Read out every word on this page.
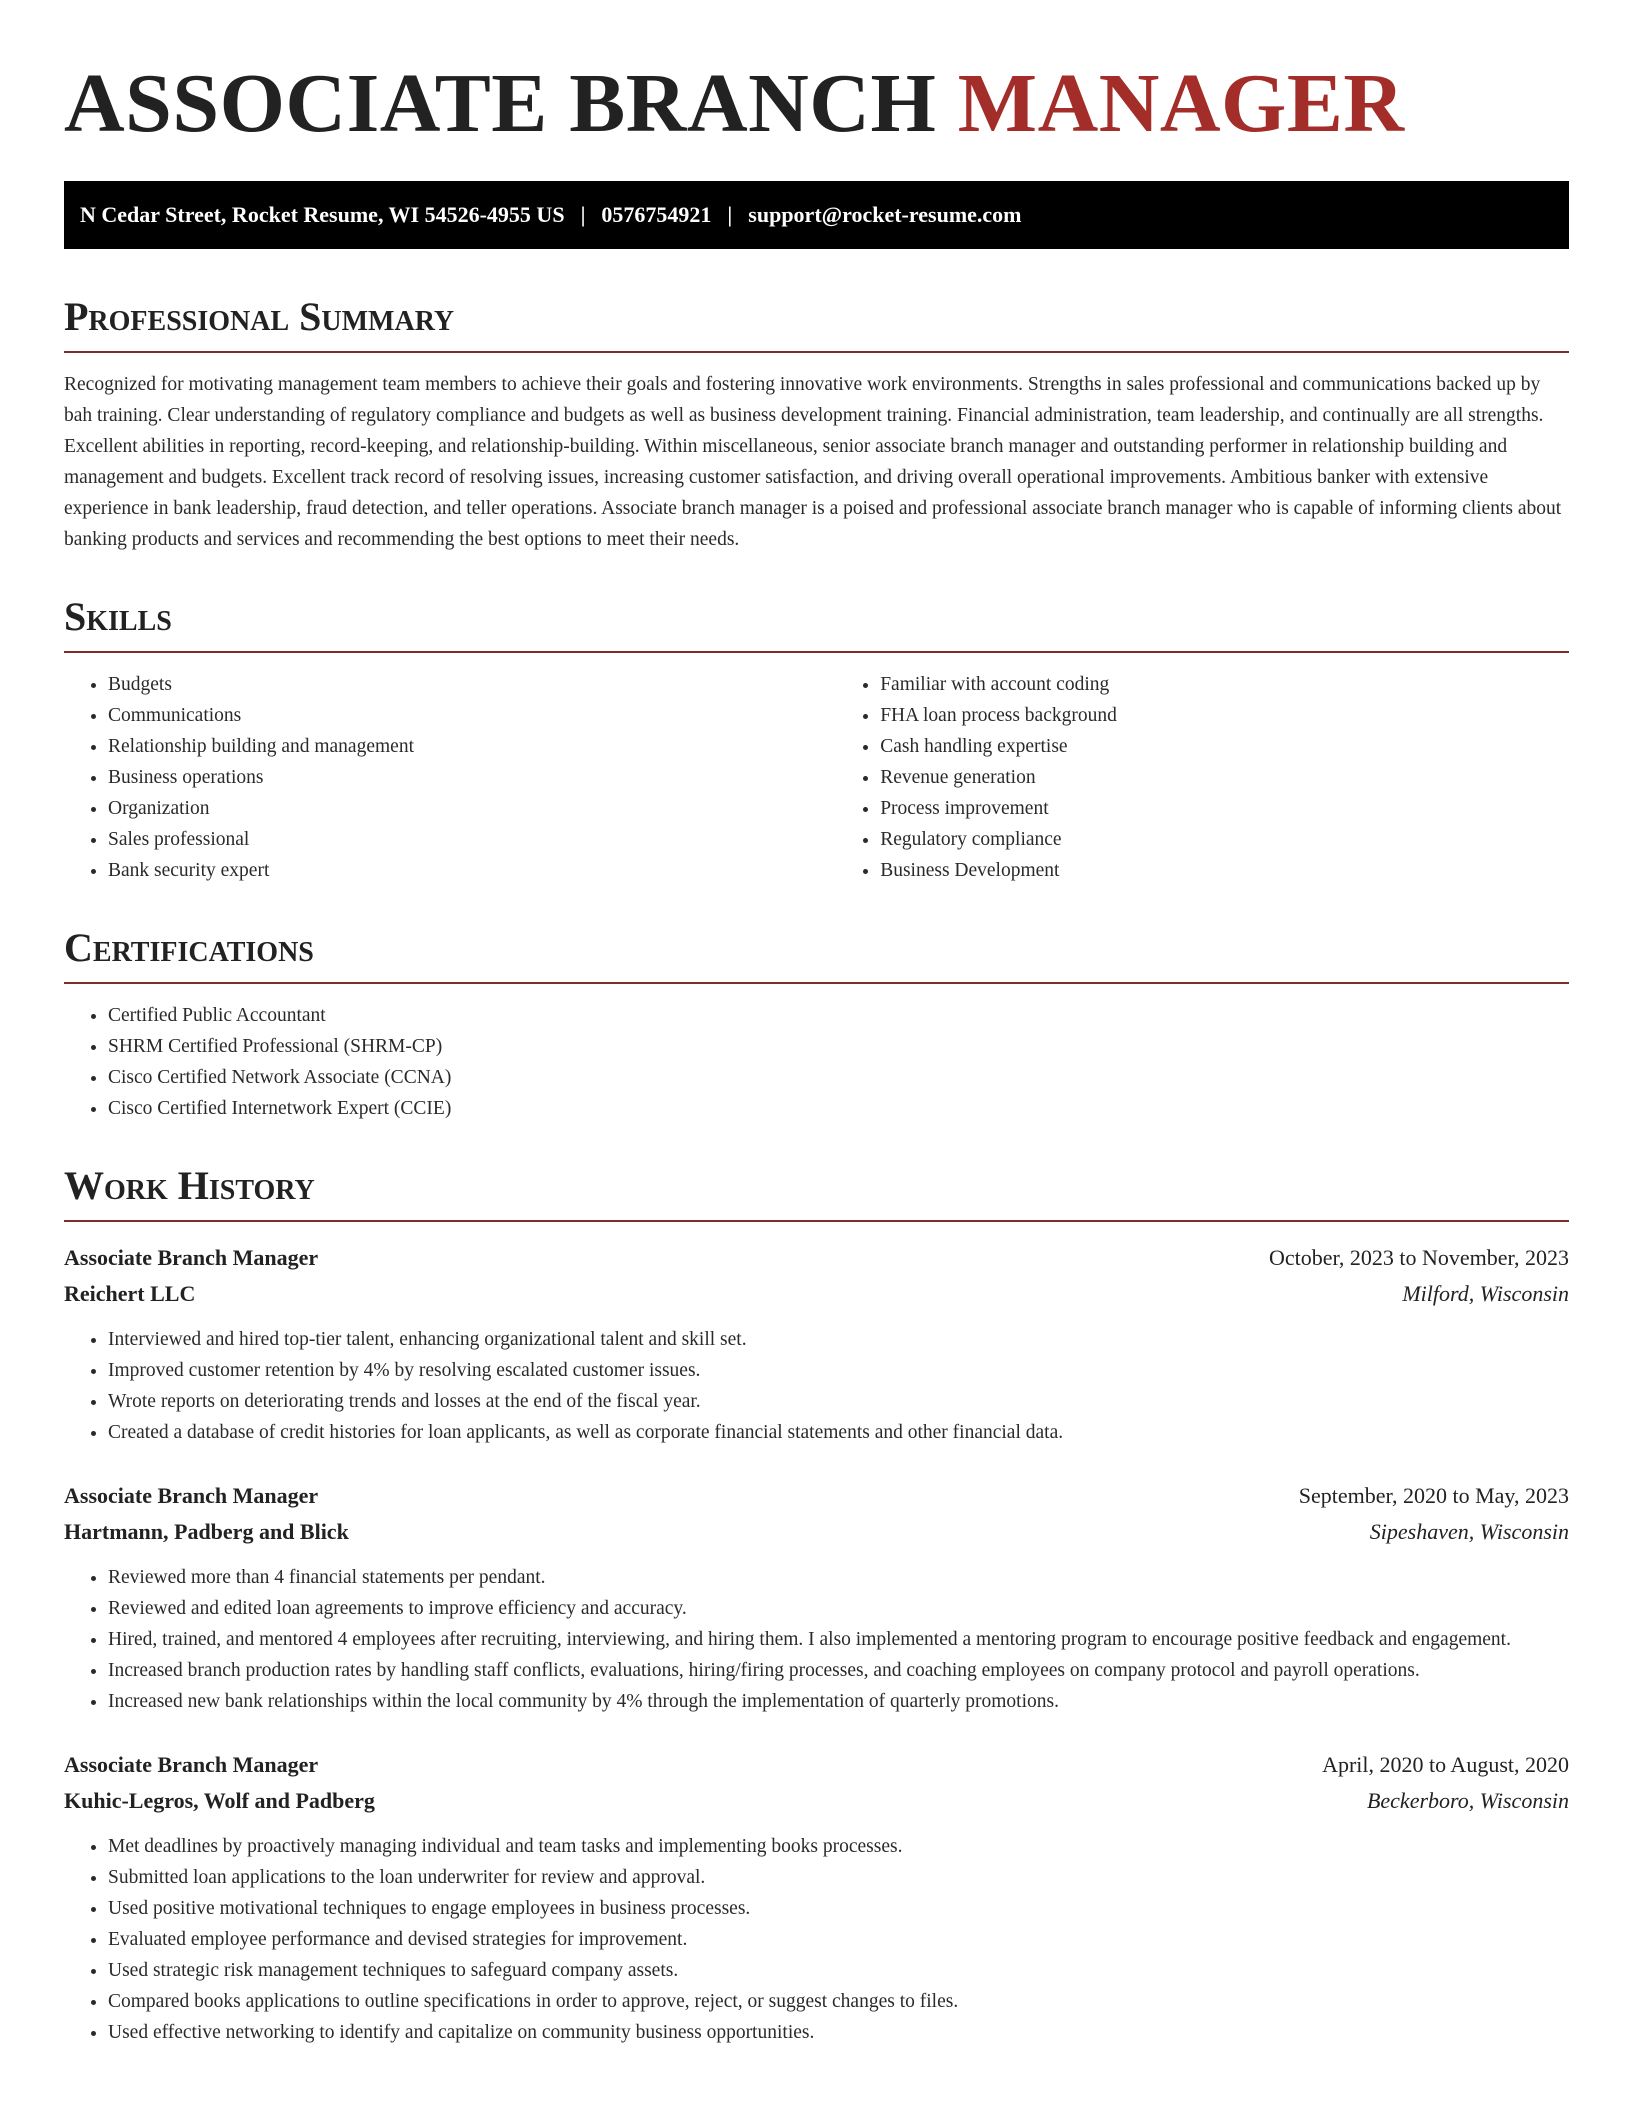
ASSOCIATE BRANCH MANAGER
N Cedar Street, Rocket Resume, WI 54526-4955 US | 0576754921 | support@rocket-resume.com
Professional Summary

Recognized for motivating management team members to achieve their goals and fostering innovative work environments. Strengths in sales professional and communications backed up by bah training. Clear understanding of regulatory compliance and budgets as well as business development training. Financial administration, team leadership, and continually are all strengths. Excellent abilities in reporting, record-keeping, and relationship-building. Within miscellaneous, senior associate branch manager and outstanding performer in relationship building and management and budgets. Excellent track record of resolving issues, increasing customer satisfaction, and driving overall operational improvements. Ambitious banker with extensive experience in bank leadership, fraud detection, and teller operations. Associate branch manager is a poised and professional associate branch manager who is capable of informing clients about banking products and services and recommending the best options to meet their needs.

Skills
• Budgets
• Communications
• Relationship building and management
• Business operations
• Organization
• Sales professional
• Bank security expert
• Familiar with account coding
• FHA loan process background
• Cash handling expertise
• Revenue generation
• Process improvement
• Regulatory compliance
• Business Development
Certifications
• Certified Public Accountant
• SHRM Certified Professional (SHRM-CP)
• Cisco Certified Network Associate (CCNA)
• Cisco Certified Internetwork Expert (CCIE)
Work History
Associate Branch Manager	October, 2023 to November, 2023
Reichert LLC	Milford, Wisconsin
• Interviewed and hired top-tier talent, enhancing organizational talent and skill set.
• Improved customer retention by 4% by resolving escalated customer issues.
• Wrote reports on deteriorating trends and losses at the end of the fiscal year.
• Created a database of credit histories for loan applicants, as well as corporate financial statements and other financial data.
Associate Branch Manager	September, 2020 to May, 2023
Hartmann, Padberg and Blick	Sipeshaven, Wisconsin
• Reviewed more than 4 financial statements per pendant.
• Reviewed and edited loan agreements to improve efficiency and accuracy.
• Hired, trained, and mentored 4 employees after recruiting, interviewing, and hiring them. I also implemented a mentoring program to encourage positive feedback and engagement.
• Increased branch production rates by handling staff conflicts, evaluations, hiring/firing processes, and coaching employees on company protocol and payroll operations.
• Increased new bank relationships within the local community by 4% through the implementation of quarterly promotions.
Associate Branch Manager	April, 2020 to August, 2020
Kuhic-Legros, Wolf and Padberg	Beckerboro, Wisconsin
• Met deadlines by proactively managing individual and team tasks and implementing books processes.
• Submitted loan applications to the loan underwriter for review and approval.
• Used positive motivational techniques to engage employees in business processes.
• Evaluated employee performance and devised strategies for improvement.
• Used strategic risk management techniques to safeguard company assets.
• Compared books applications to outline specifications in order to approve, reject, or suggest changes to files.
• Used effective networking to identify and capitalize on community business opportunities.
